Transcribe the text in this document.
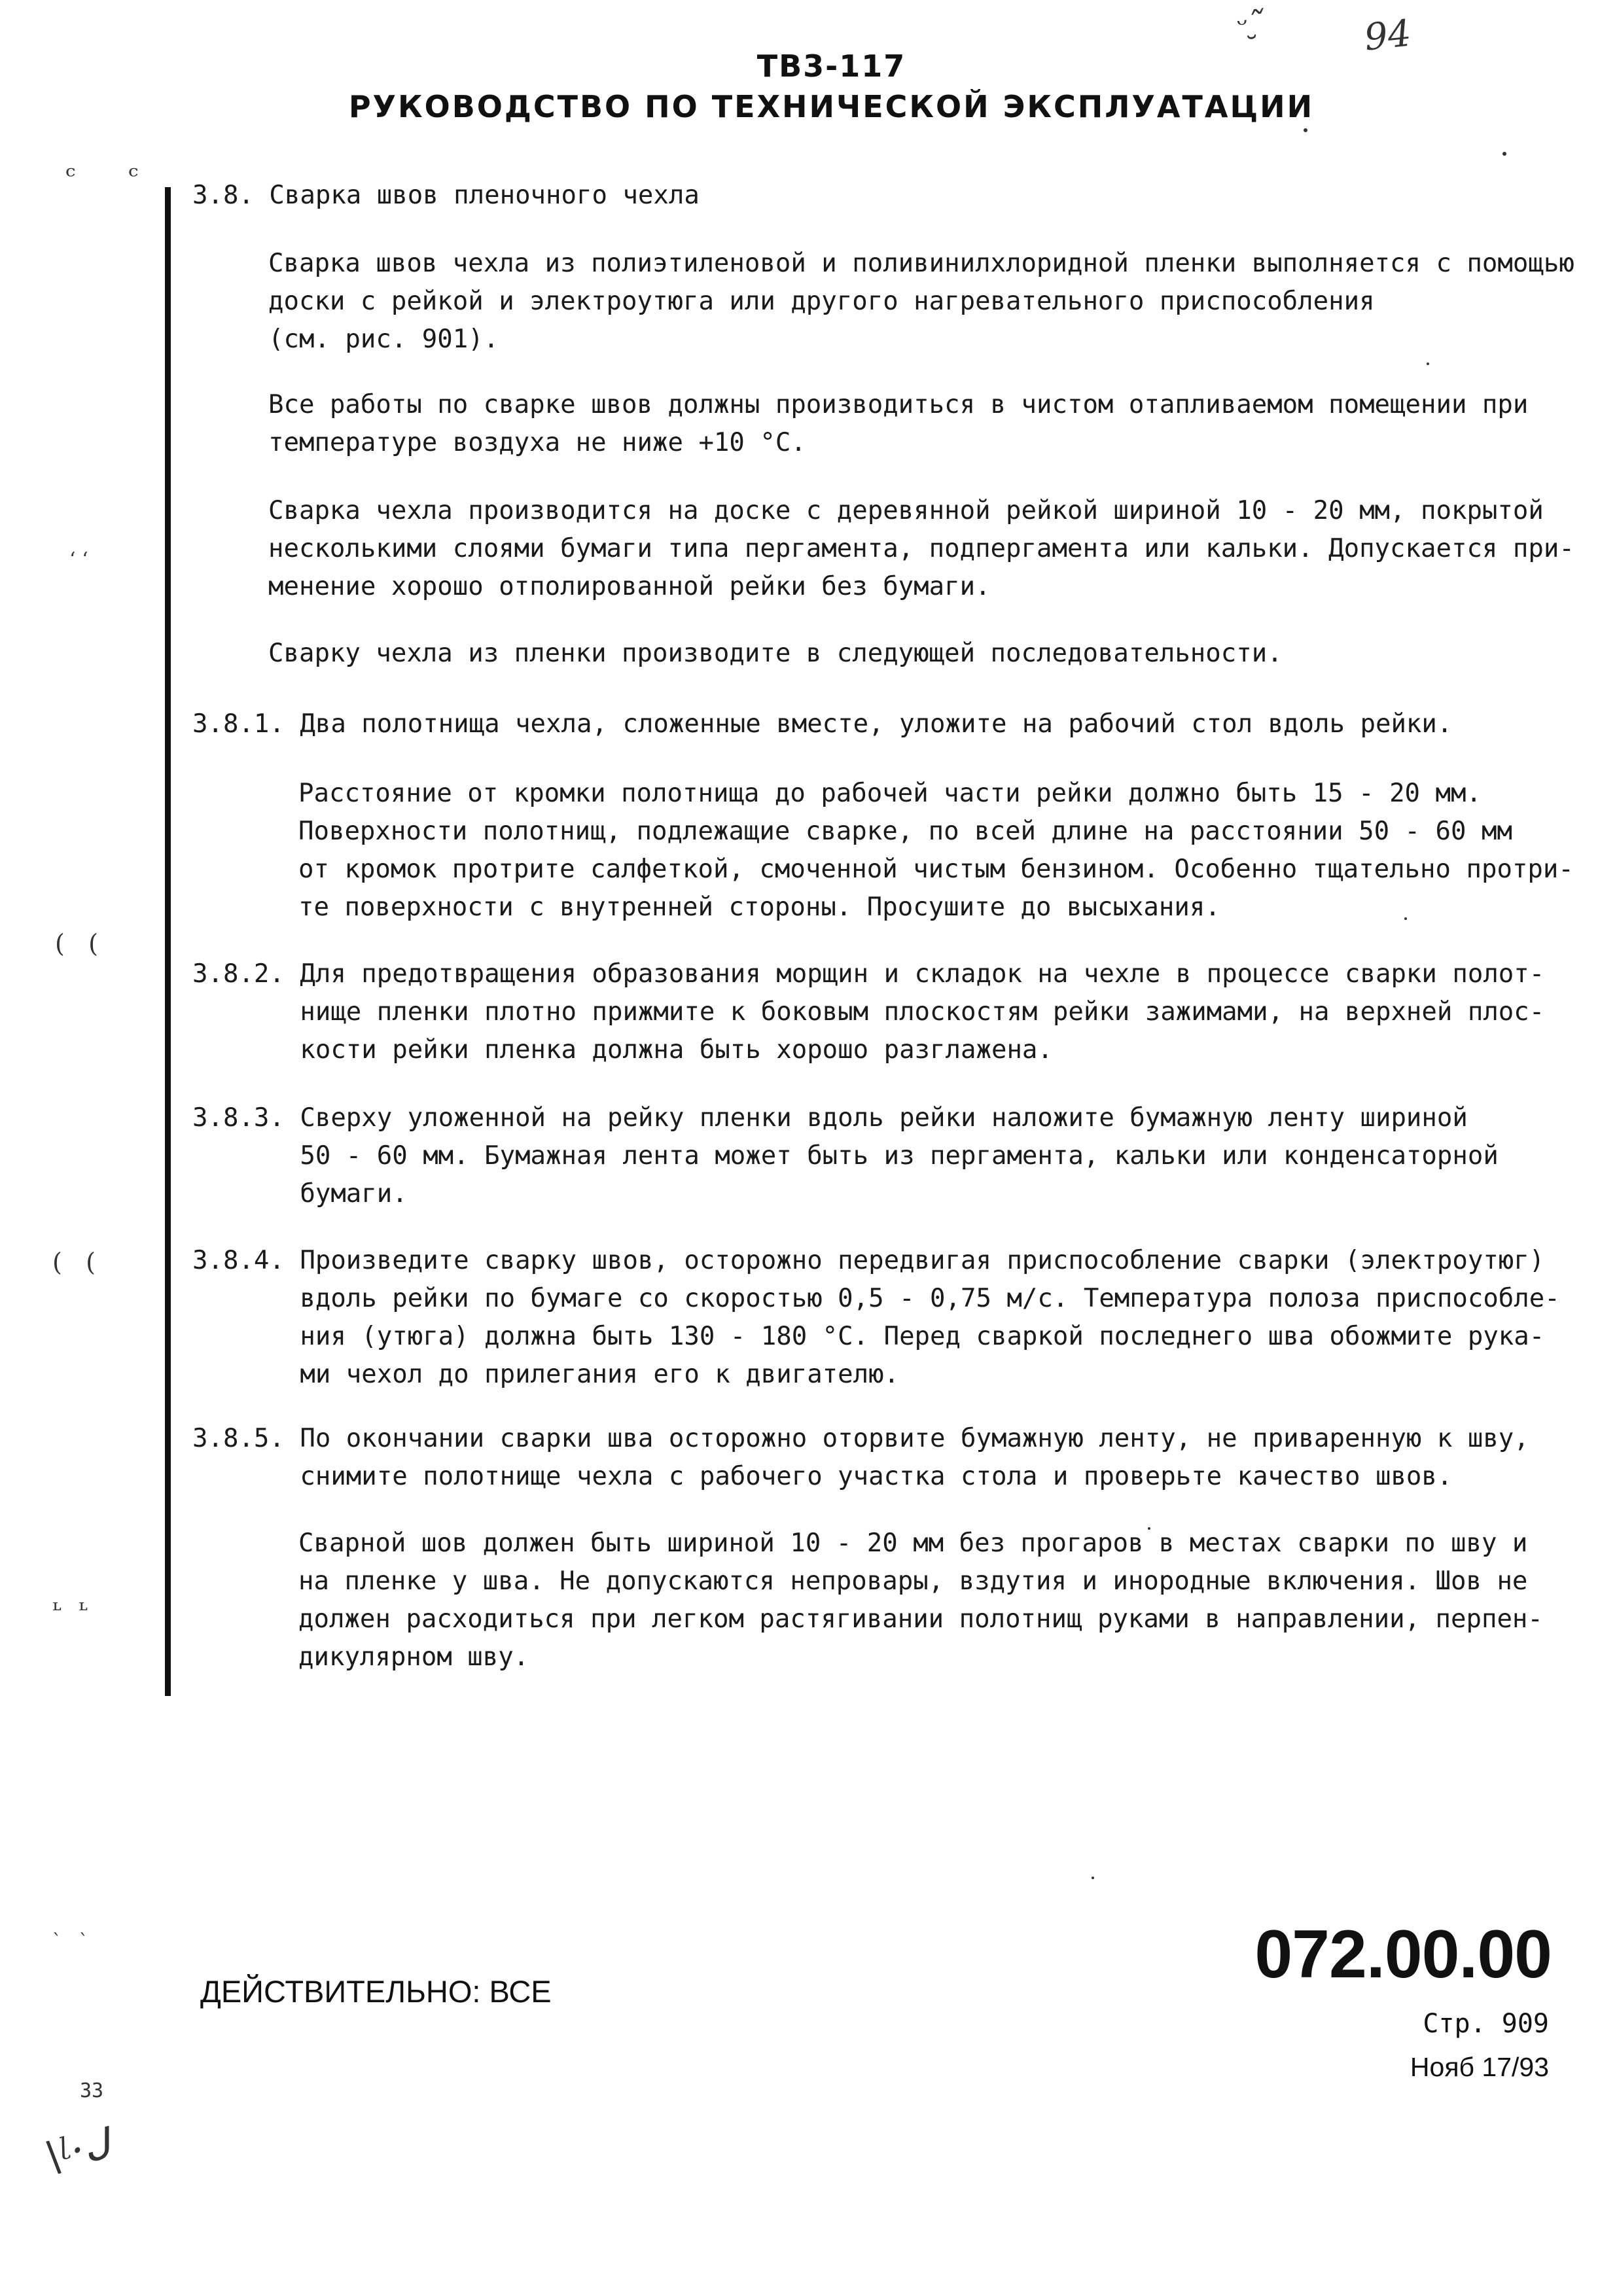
ТВ3-117
РУКОВОДСТВО ПО ТЕХНИЧЕСКОЙ ЭКСПЛУАТАЦИИ
ᵕ ̮ ᷉	94
ᶜ ᶜ
ʻ ʻ
(   (
(   (
ᶫ  ᶫ
ˋ   ˋ
3.8. Сварка швов пленочного чехла
Сварка швов чехла из полиэтиленовой и поливинилхлоридной пленки выполняется с помощью
доски с рейкой и электроутюга или другого нагревательного приспособления
(см. рис. 901).
Все работы по сварке швов должны производиться в чистом отапливаемом помещении при
температуре воздуха не ниже +10 °С.
Сварка чехла производится на доске с деревянной рейкой шириной 10 - 20 мм, покрытой
несколькими слоями бумаги типа пергамента, подпергамента или кальки. Допускается при-
менение хорошо отполированной рейки без бумаги.
Сварку чехла из пленки производите в следующей последовательности.
3.8.1. Два полотнища чехла, сложенные вместе, уложите на рабочий стол вдоль рейки.
Расстояние от кромки полотнища до рабочей части рейки должно быть 15 - 20 мм.
Поверхности полотнищ, подлежащие сварке, по всей длине на расстоянии 50 - 60 мм
от кромок протрите салфеткой, смоченной чистым бензином. Особенно тщательно протри-
те поверхности с внутренней стороны. Просушите до высыхания.
3.8.2. Для предотвращения образования морщин и складок на чехле в процессе сварки полот-
нище пленки плотно прижмите к боковым плоскостям рейки зажимами, на верхней плос-
кости рейки пленка должна быть хорошо разглажена.
3.8.3. Сверху уложенной на рейку пленки вдоль рейки наложите бумажную ленту шириной
50 - 60 мм. Бумажная лента может быть из пергамента, кальки или конденсаторной
бумаги.
3.8.4. Произведите сварку швов, осторожно передвигая приспособление сварки (электроутюг)
вдоль рейки по бумаге со скоростью 0,5 - 0,75 м/с. Температура полоза приспособле-
ния (утюга) должна быть 130 - 180 °С. Перед сваркой последнего шва обожмите рука-
ми чехол до прилегания его к двигателю.
3.8.5. По окончании сварки шва осторожно оторвите бумажную ленту, не приваренную к шву,
снимите полотнище чехла с рабочего участка стола и проверьте качество швов.
Сварной шов должен быть шириной 10 - 20 мм без прогаров в местах сварки по шву и
на пленке у шва. Не допускаются непровары, вздутия и инородные включения. Шов не
должен расходиться при легком растягивании полотнищ руками в направлении, перпен-
дикулярном шву.
ДЕЙСТВИТЕЛЬНО: ВСЕ	072.00.00
Стр. 909
Нояб 17/93
33
\ᶩ·ᒍ
